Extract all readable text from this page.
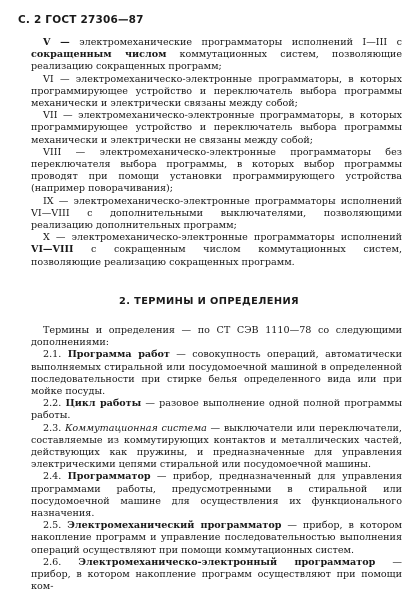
С. 2 ГОСТ 27306—87

V — электромеханические программаторы исполнений I—III с сокращенным числом коммутационных систем, позволяющие реализацию сокращенных программ;

VI — электромеханическо-электронные программаторы, в которых программирующее устройство и переключатель выбора программы механически и электрически связаны между собой;

VII — электромеханическо-электронные программаторы, в которых программирующее устройство и переключатель выбора программы механически и электрически не связаны между собой;

VIII — электромеханическо-электронные программаторы без переключателя выбора программы, в которых выбор программы проводят при помощи установки программирующего устройства (например поворачивания);

IX — электромеханическо-электронные программаторы исполнений VI—VIII с дополнительными выключателями, позволяющими реализацию дополнительных программ;

X — электромеханическо-электронные программаторы исполнений VI—VIII с сокращенным числом коммутационных систем, позволяющие реализацию сокращенных программ.

2. ТЕРМИНЫ И ОПРЕДЕЛЕНИЯ

Термины и определения — по СТ СЭВ 1110—78 со следующими дополнениями:

2.1. Программа работ — совокупность операций, автоматически выполняемых стиральной или посудомоечной машиной в определенной последовательности при стирке белья определенного вида или при мойке посуды.

2.2. Цикл работы — разовое выполнение одной полной программы работы.

2.3. Коммутационная система — выключатели или переключатели, составляемые из коммутирующих контактов и металлических частей, действующих как пружины, и предназначенные для управления электрическими цепями стиральной или посудомоечной машины.

2.4. Программатор — прибор, предназначенный для управления программами работы, предусмотренными в стиральной или посудомоечной машине для осуществления их функционального назначения.

2.5. Электромеханический программатор — прибор, в котором накопление программ и управление последовательностью выполнения операций осуществляют при помощи коммутационных систем.

2.6. Электромеханическо-электронный программатор — прибор, в котором накопление программ осуществляют при помощи ком-
